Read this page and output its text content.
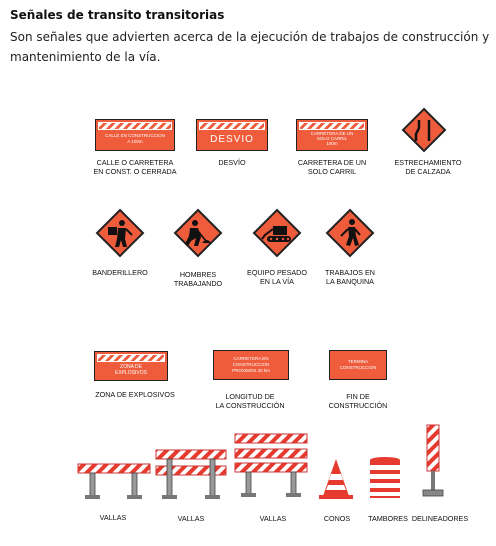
Señales de transito transitorias
Son señales que advierten acerca de la ejecución de trabajos de construcción y mantenimiento de la vía.
CALLE EN CONSTRUCCION
A 100m
CALLE O CARRETERA
EN CONST. O CERRADA
DESVIO
DESVÍO
CARRETERA DE UN
SOLO CARRIL
100m
CARRETERA DE UN
SOLO CARRIL
ESTRECHAMIENTO
DE CALZADA
BANDERILLERO	HOMBRES
TRABAJANDO
EQUIPO PESADO
EN LA VÍA
TRABAJOS EN
LA BANQUINA
ZONA DE
EXPLOSIVOS
ZONA DE EXPLOSIVOS
CARRETERA EN
CONSTRUCCION
PROXIMOS 20 km
LONGITUD DE
LA CONSTRUCCIÓN
TERMINA
CONSTRUCCION
FIN DE
CONSTRUCCIÓN
VALLAS	VALLAS	VALLAS	CONOS	TAMBORES DELINEADORES
